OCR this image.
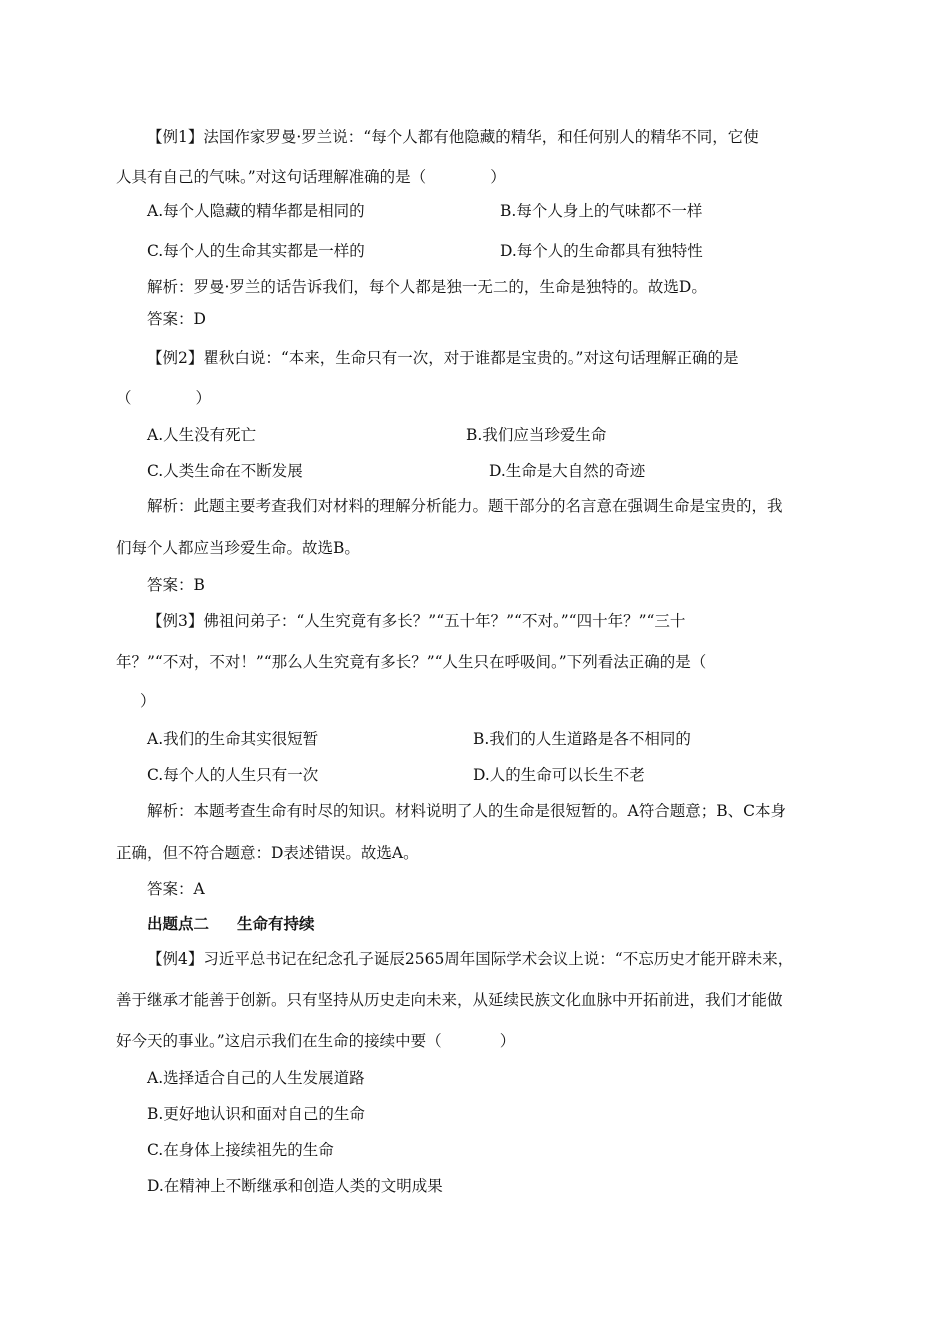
【例1】法国作家罗曼·罗兰说：“每个人都有他隐藏的精华，和任何别人的精华不同，它使
人具有自己的气味。”对这句话理解准确的是（	）
A.每个人隐藏的精华都是相同的	B.每个人身上的气味都不一样
C.每个人的生命其实都是一样的	D.每个人的生命都具有独特性
解析：罗曼·罗兰的话告诉我们，每个人都是独一无二的，生命是独特的。故选D。
答案：D
【例2】瞿秋白说：“本来，生命只有一次，对于谁都是宝贵的。”对这句话理解正确的是
（	）
A.人生没有死亡	B.我们应当珍爱生命
C.人类生命在不断发展	D.生命是大自然的奇迹
解析：此题主要考查我们对材料的理解分析能力。题干部分的名言意在强调生命是宝贵的，我
们每个人都应当珍爱生命。故选B。
答案：B
【例3】佛祖问弟子：“人生究竟有多长？”“五十年？”“不对。”“四十年？”“三十
年？”“不对，不对！”“那么人生究竟有多长？”“人生只在呼吸间。”下列看法正确的是（
）
A.我们的生命其实很短暂	B.我们的人生道路是各不相同的
C.每个人的人生只有一次	D.人的生命可以长生不老
解析：本题考查生命有时尽的知识。材料说明了人的生命是很短暂的。A符合题意；B、C本身
正确，但不符合题意：D表述错误。故选A。
答案：A
出题点二 生命有持续
【例4】习近平总书记在纪念孔子诞辰2565周年国际学术会议上说：“不忘历史才能开辟未来，
善于继承才能善于创新。只有坚持从历史走向未来，从延续民族文化血脉中开拓前进，我们才能做
好今天的事业。”这启示我们在生命的接续中要（	）
A.选择适合自己的人生发展道路
B.更好地认识和面对自己的生命
C.在身体上接续祖先的生命
D.在精神上不断继承和创造人类的文明成果
